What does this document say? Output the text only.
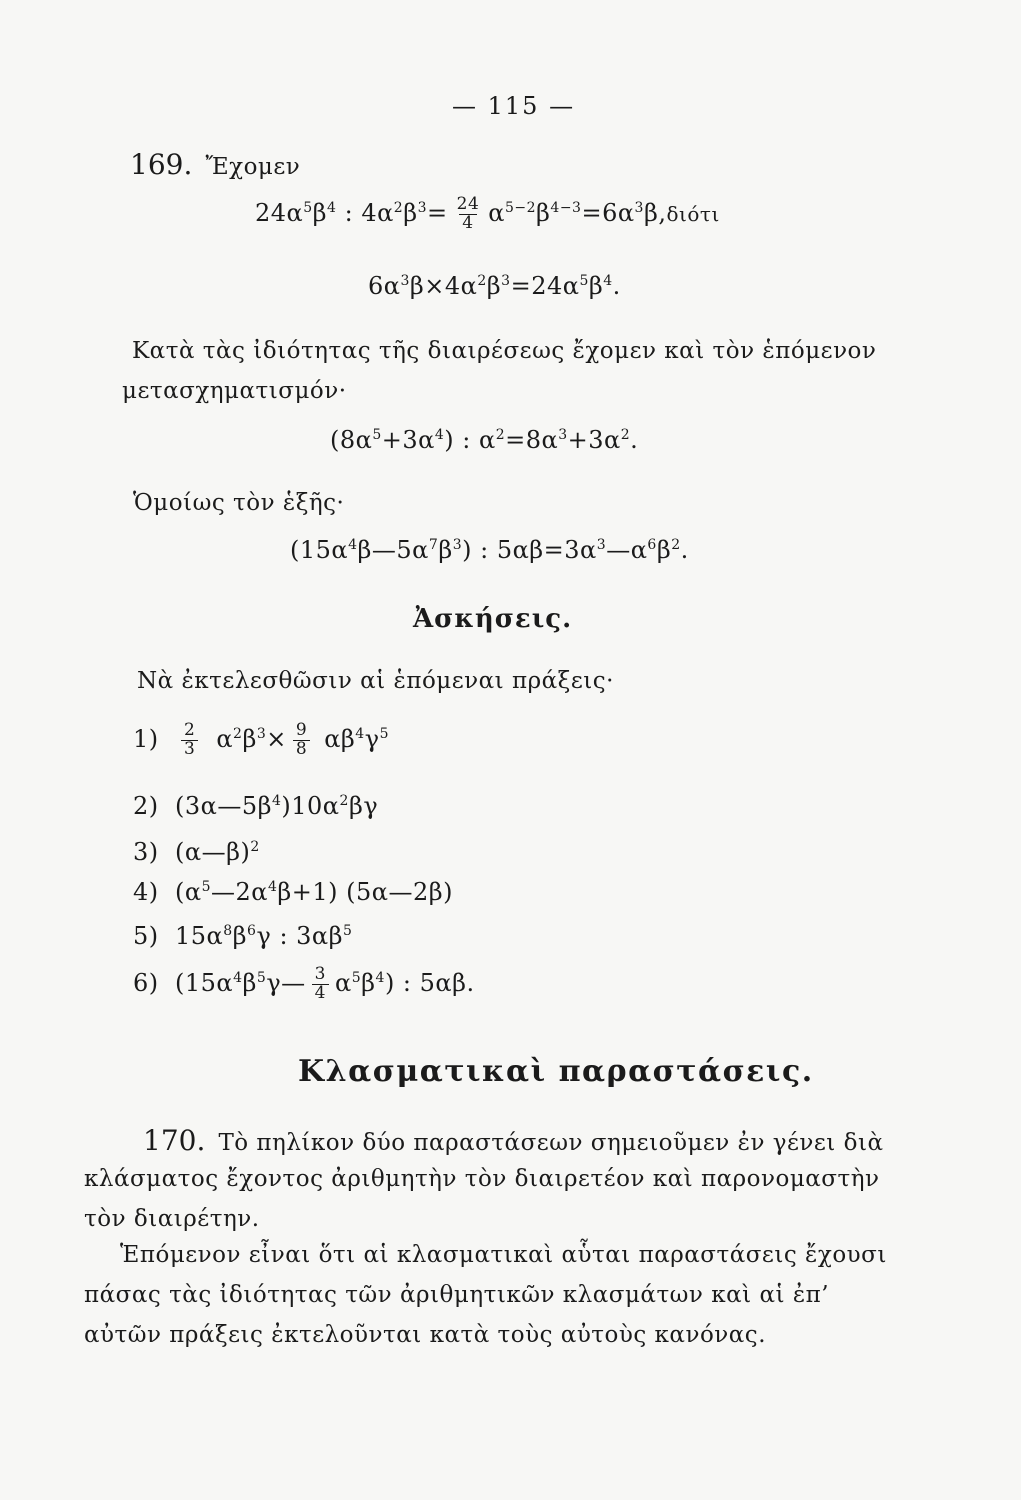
— 115 —
169. Ἔχομεν
$24\alpha^5\beta^4$ : $4\alpha^2\beta^3= \frac{24}{4} \alpha^{5-2}\beta^{4-3}=6\alpha^3\beta,\delta\iota ό\tau\iota$
$6\alpha^3\beta\times 4\alpha^2\beta^3=24\alpha^5\beta^4$.
Κατὰ τὰς ἰδιότητας τῆς διαιρέσεως ἔχομεν καὶ τὸν ἑπόμενον
μετασχηματισμόν·
$(8\alpha^5+3\alpha^4)$ : $\alpha^2=8\alpha^3+3\alpha^2$.
Ὁμοίως τὸν ἑξῆς·
$(15\alpha^4\beta—5\alpha^7\beta^3)$ : $5\alpha\beta=3\alpha^3—\alpha^6\beta^2$.
Ἀσκήσεις.
Νὰ ἐκτελεσθῶσιν αἱ ἑπόμεναι πράξεις·
$1) \frac{2}{3} \alpha^2\beta^3\times \frac{9}{8} \alpha\beta^4\gamma^5$
2) $(3\alpha—5\beta^4)10\alpha^2\beta\gamma$
3) (α—β)$^2$
4) $(\alpha^5—2\alpha^4\beta+1)$ (5α—2β)
5) $15\alpha^8\beta^6\gamma$ : $3\alpha\beta^5$
6) $(15\alpha^4\beta^5\gamma— \frac{3}{4} \alpha^5\beta^4)$ : 5αβ.
Κλασματικαὶ παραστάσεις.
170. Τὸ πηλίκον δύο παραστάσεων σημειοῦμεν ἐν γένει διὰ
κλάσματος ἔχοντος ἀριθμητὴν τὸν διαιρετέον καὶ παρονομαστὴν
τὸν διαιρέτην.
Ἑπόμενον εἶναι ὅτι αἱ κλασματικαὶ αὗται παραστάσεις ἔχουσι
πάσας τὰς ἰδιότητας τῶν ἀριθμητικῶν κλασμάτων καὶ αἱ ἐπ’
αὐτῶν πράξεις ἐκτελοῦνται κατὰ τοὺς αὐτοὺς κανόνας.
